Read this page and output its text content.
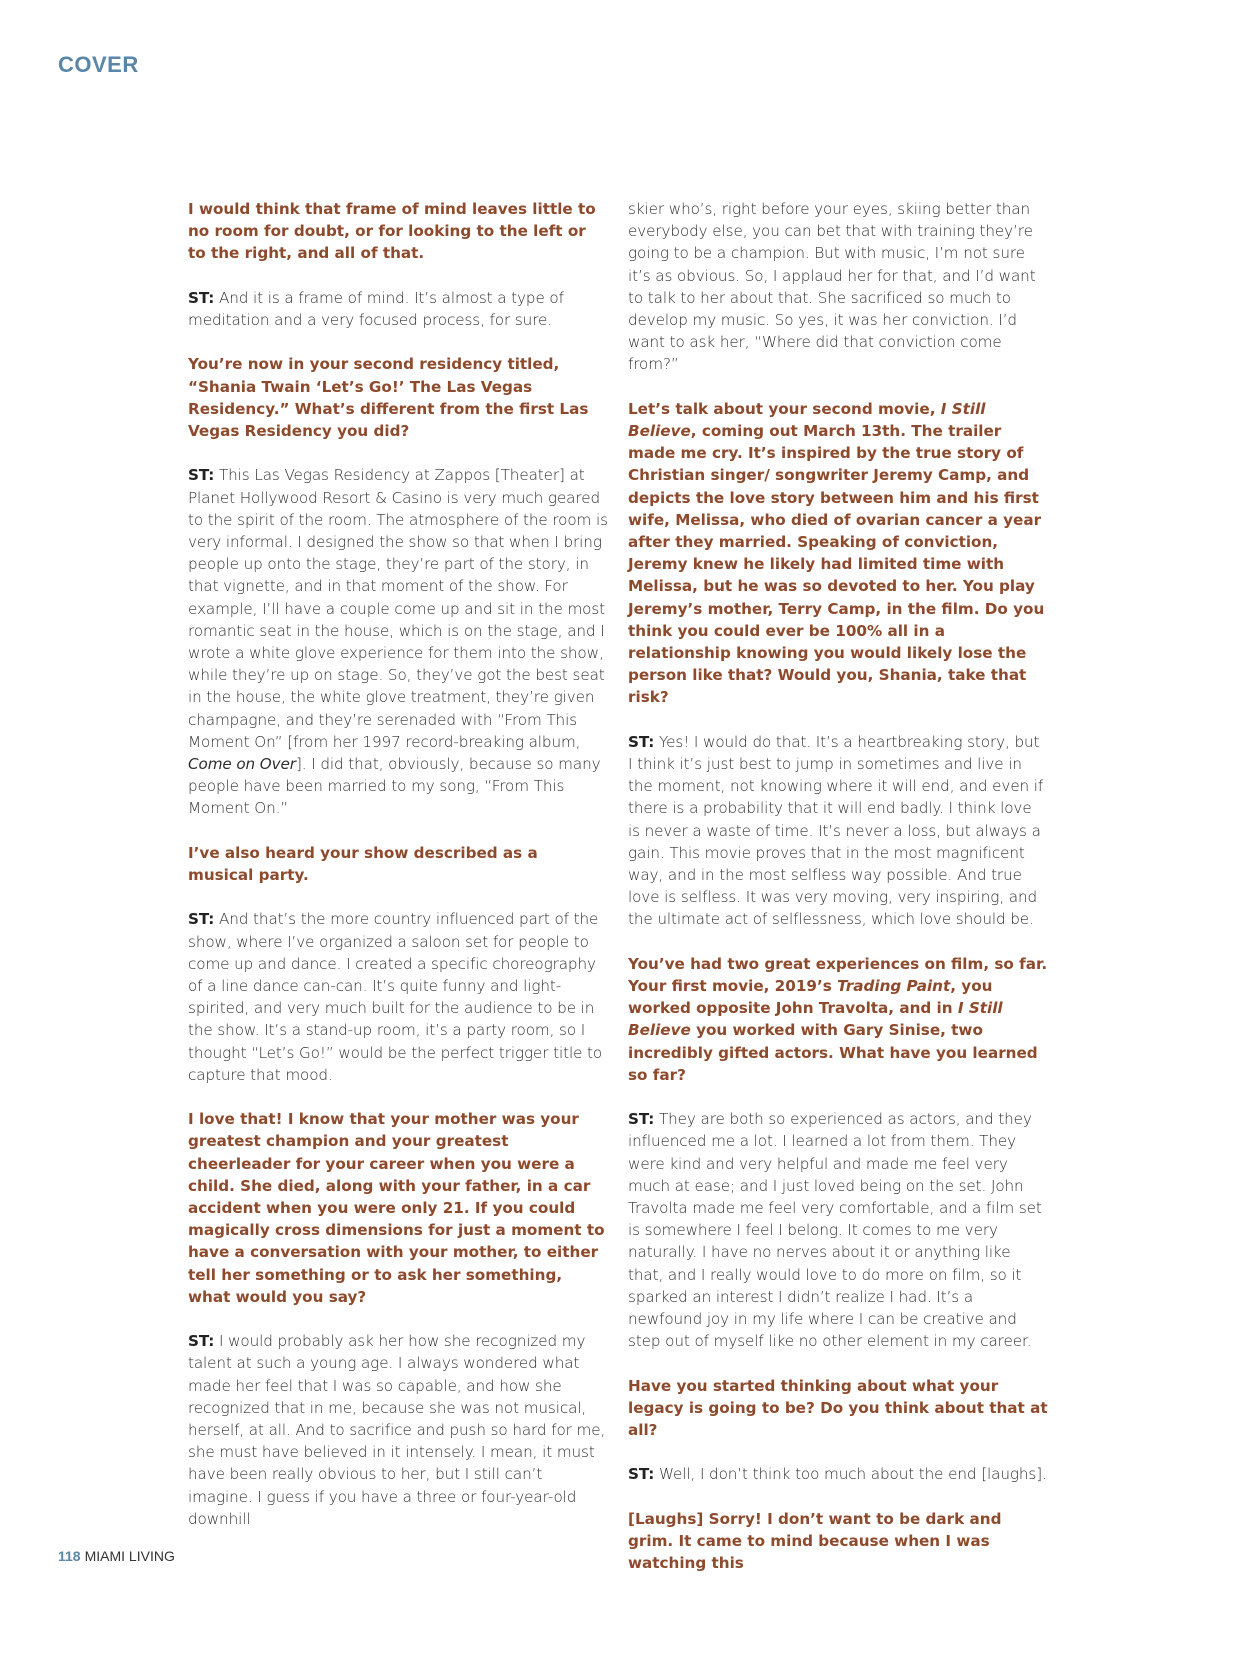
COVER

I would think that frame of mind leaves little to no room for doubt, or for looking to the left or to the right, and all of that.

ST: And it is a frame of mind. It’s almost a type of meditation and a very focused process, for sure.

You’re now in your second residency titled, “Shania Twain ‘Let’s Go!’ The Las Vegas Residency.” What’s different from the first Las Vegas Residency you did?

ST: This Las Vegas Residency at Zappos [Theater] at Planet Hollywood Resort & Casino is very much geared to the spirit of the room. The atmosphere of the room is very informal. I designed the show so that when I bring people up onto the stage, they’re part of the story, in that vignette, and in that moment of the show. For example, I’ll have a couple come up and sit in the most romantic seat in the house, which is on the stage, and I wrote a white glove experience for them into the show, while they’re up on stage. So, they’ve got the best seat in the house, the white glove treatment, they’re given champagne, and they’re serenaded with “From This Moment On” [from her 1997 record-breaking album, Come on Over]. I did that, obviously, because so many people have been married to my song, “From This Moment On.”

I’ve also heard your show described as a musical party.

ST: And that’s the more country influenced part of the show, where I’ve organized a saloon set for people to come up and dance. I created a specific choreography of a line dance can-can. It’s quite funny and light-spirited, and very much built for the audience to be in the show. It’s a stand-up room, it’s a party room, so I thought “Let’s Go!” would be the perfect trigger title to capture that mood.

I love that! I know that your mother was your greatest champion and your greatest cheerleader for your career when you were a child. She died, along with your father, in a car accident when you were only 21. If you could magically cross dimensions for just a moment to have a conversation with your mother, to either tell her something or to ask her something, what would you say?

ST: I would probably ask her how she recognized my talent at such a young age. I always wondered what made her feel that I was so capable, and how she recognized that in me, because she was not musical, herself, at all. And to sacrifice and push so hard for me, she must have believed in it intensely. I mean, it must have been really obvious to her, but I still can’t imagine. I guess if you have a three or four-year-old downhill

skier who’s, right before your eyes, skiing better than everybody else, you can bet that with training they’re going to be a champion. But with music, I’m not sure it’s as obvious. So, I applaud her for that, and I’d want to talk to her about that. She sacrificed so much to develop my music. So yes, it was her conviction. I’d want to ask her, “Where did that conviction come from?”

Let’s talk about your second movie, I Still Believe, coming out March 13th. The trailer made me cry. It’s inspired by the true story of Christian singer/ songwriter Jeremy Camp, and depicts the love story between him and his first wife, Melissa, who died of ovarian cancer a year after they married. Speaking of conviction, Jeremy knew he likely had limited time with Melissa, but he was so devoted to her. You play Jeremy’s mother, Terry Camp, in the film. Do you think you could ever be 100% all in a relationship knowing you would likely lose the person like that? Would you, Shania, take that risk?

ST: Yes! I would do that. It’s a heartbreaking story, but I think it’s just best to jump in sometimes and live in the moment, not knowing where it will end, and even if there is a probability that it will end badly. I think love is never a waste of time. It’s never a loss, but always a gain. This movie proves that in the most magnificent way, and in the most selfless way possible. And true love is selfless. It was very moving, very inspiring, and the ultimate act of selflessness, which love should be.

You’ve had two great experiences on film, so far. Your first movie, 2019’s Trading Paint, you worked opposite John Travolta, and in I Still Believe you worked with Gary Sinise, two incredibly gifted actors. What have you learned so far?

ST: They are both so experienced as actors, and they influenced me a lot. I learned a lot from them. They were kind and very helpful and made me feel very much at ease; and I just loved being on the set. John Travolta made me feel very comfortable, and a film set is somewhere I feel I belong. It comes to me very naturally. I have no nerves about it or anything like that, and I really would love to do more on film, so it sparked an interest I didn’t realize I had. It’s a newfound joy in my life where I can be creative and step out of myself like no other element in my career.

Have you started thinking about what your legacy is going to be? Do you think about that at all?

ST: Well, I don’t think too much about the end [laughs].

[Laughs] Sorry! I don’t want to be dark and grim. It came to mind because when I was watching this

118 MIAMI LIVING
